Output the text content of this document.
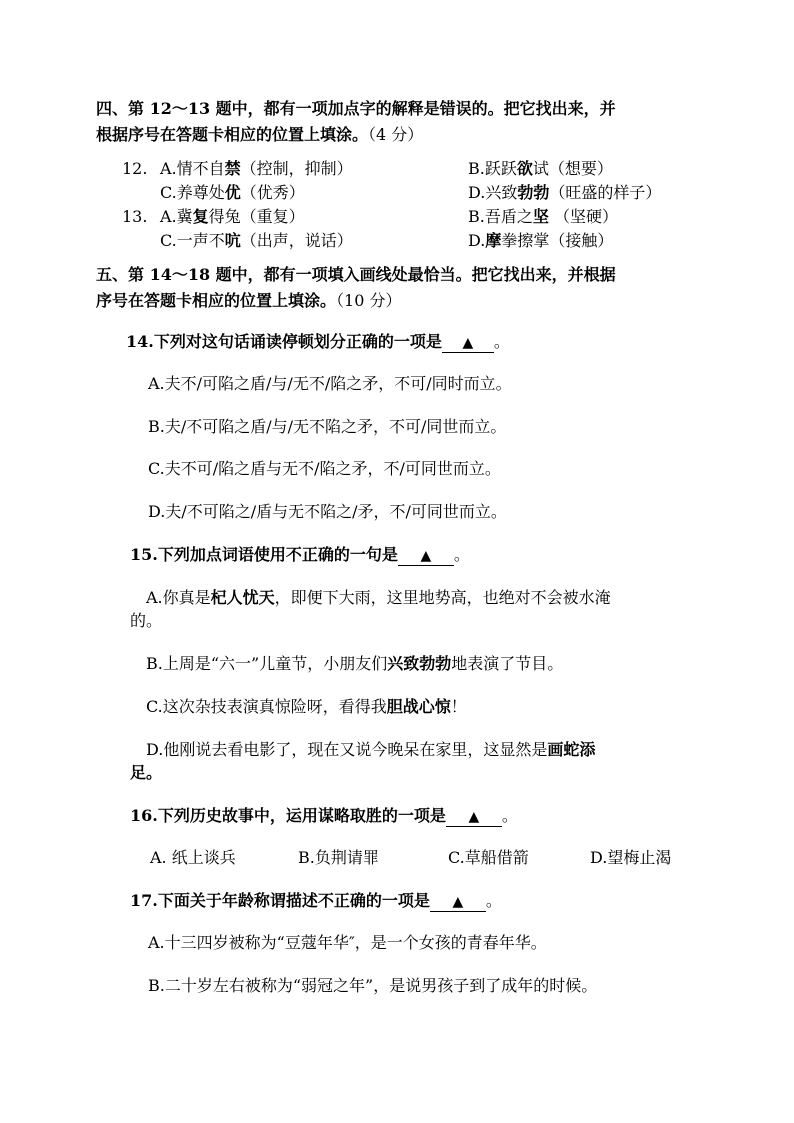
四、第 12～13 题中，都有一项加点字的解释是错误的。把它找出来，并
根据序号在答题卡相应的位置上填涂。（4 分）
12. A.情不自禁（控制，抑制）	B.跃跃欲试（想要）
C.养尊处优（优秀）	D.兴致勃勃（旺盛的样子）
13. A.冀复得兔（重复）	B.吾盾之坚 （坚硬）
C.一声不吭（出声，说话）	D.摩拳擦掌（接触）
五、第 14～18 题中，都有一项填入画线处最恰当。把它找出来，并根据
序号在答题卡相应的位置上填涂。（10 分）
14.下列对这句话诵读停顿划分正确的一项是 ▲ 。
A.夫不/可陷之盾/与/无不/陷之矛，不可/同时而立。
B.夫/不可陷之盾/与/无不陷之矛，不可/同世而立。
C.夫不可/陷之盾与无不/陷之矛，不/可同世而立。
D.夫/不可陷之/盾与无不陷之/矛，不/可同世而立。
15.下列加点词语使用不正确的一句是 ▲ 。
A.你真是杞人忧天，即便下大雨，这里地势高，也绝对不会被水淹
的。
B.上周是“六一”儿童节，小朋友们兴致勃勃地表演了节目。
C.这次杂技表演真惊险呀，看得我胆战心惊！
D.他刚说去看电影了，现在又说今晚呆在家里，这显然是画蛇添
足。
16.下列历史故事中，运用谋略取胜的一项是 ▲ 。
A. 纸上谈兵	B.负荆请罪	C.草船借箭	D.望梅止渴
17.下面关于年龄称谓描述不正确的一项是 ▲ 。
A.十三四岁被称为“豆蔻年华″，是一个女孩的青春年华。
B.二十岁左右被称为“弱冠之年”，是说男孩子到了成年的时候。
